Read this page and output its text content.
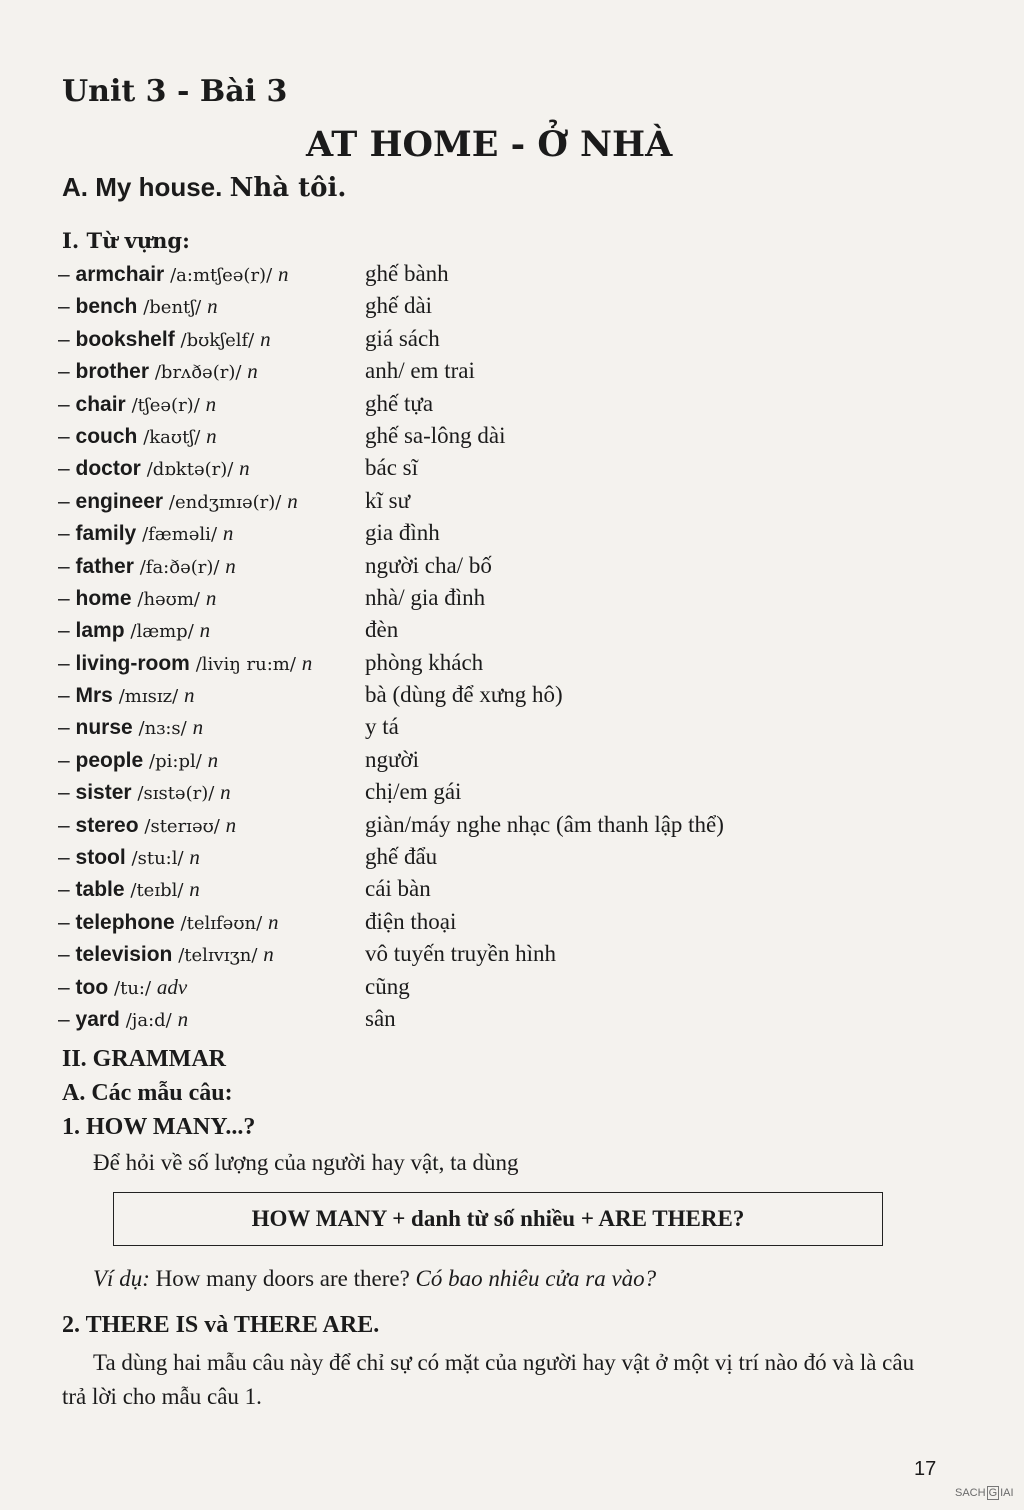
Unit 3 - Bài 3
AT HOME - Ở NHÀ
A. My house. Nhà tôi.
I. Từ vựng:
– armchair /a:mtʃeə(r)/ n	ghế bành
– bench /bentʃ/ n	ghế dài
– bookshelf /bʊkʃelf/ n	giá sách
– brother /brʌðə(r)/ n	anh/ em trai
– chair /tʃeə(r)/ n	ghế tựa
– couch /kaʊtʃ/ n	ghế sa-lông dài
– doctor /dɒktə(r)/ n	bác sĩ
– engineer /endʒɪnɪə(r)/ n	kĩ sư
– family /fæməli/ n	gia đình
– father /fa:ðə(r)/ n	người cha/ bố
– home /həʊm/ n	nhà/ gia đình
– lamp /læmp/ n	đèn
– living-room /liviŋ ru:m/ n phòng khách
– Mrs /mɪsɪz/ n	bà (dùng để xưng hô)
– nurse /nɜ:s/ n	y tá
– people /pi:pl/ n	người
– sister /sɪstə(r)/ n	chị/em gái
– stereo /sterɪəʊ/ n	giàn/máy nghe nhạc (âm thanh lập thể)
– stool /stu:l/ n	ghế đẩu
– table /teɪbl/ n	cái bàn
– telephone /telɪfəʊn/ n	điện thoại
– television /telɪvɪʒn/ n	vô tuyến truyền hình
– too /tu:/ adv	cũng
– yard /ja:d/ n	sân
II. GRAMMAR
A. Các mẫu câu:
1. HOW MANY...?
Để hỏi về số lượng của người hay vật, ta dùng
HOW MANY + danh từ số nhiều + ARE THERE?
Ví dụ: How many doors are there? Có bao nhiêu cửa ra vào?
2. THERE IS và THERE ARE.
Ta dùng hai mẫu câu này để chỉ sự có mặt của người hay vật ở một vị trí nào đó và là câu trả lời cho mẫu câu 1.
17
SACH G IAI
